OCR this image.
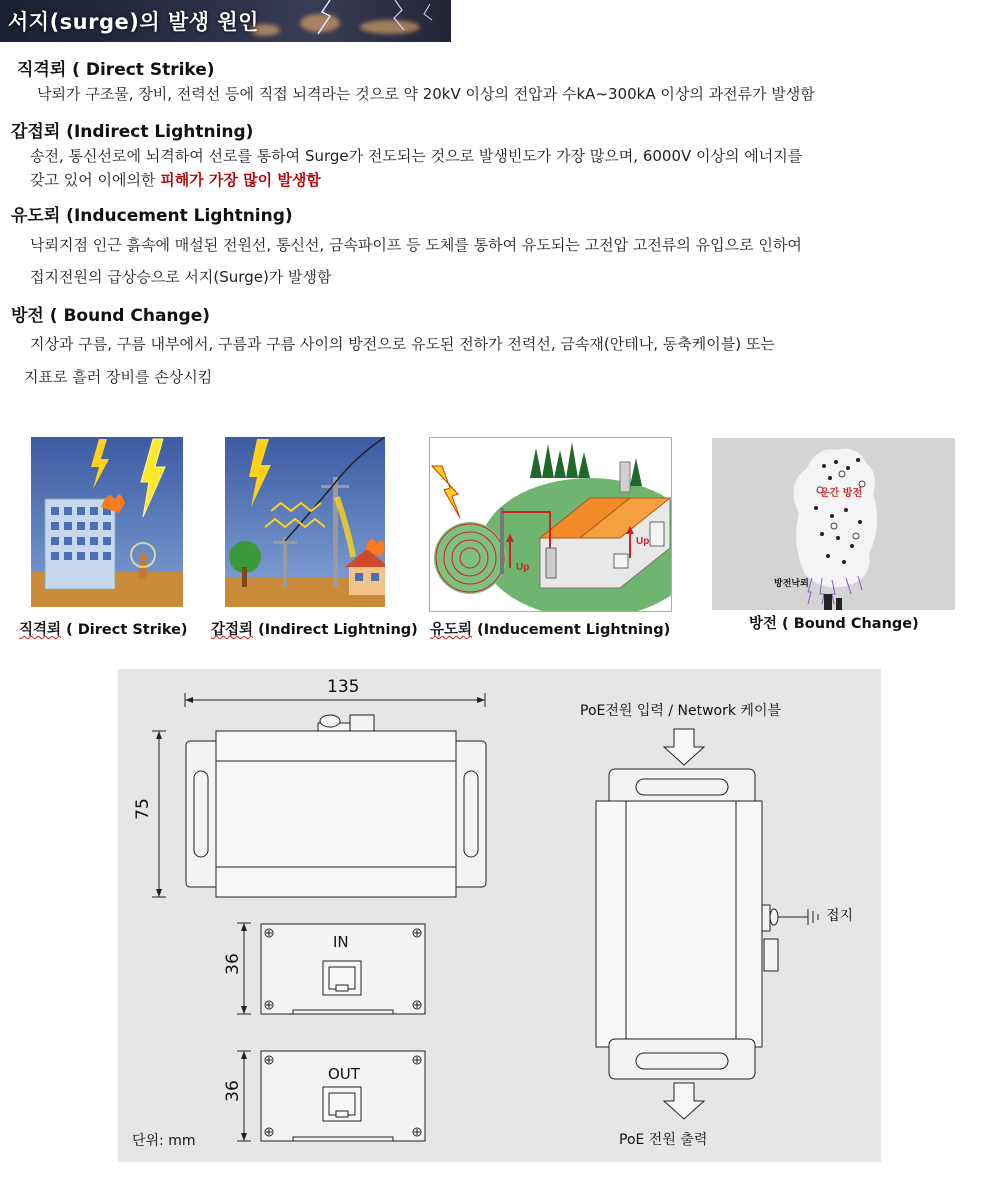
서지(surge)의 발생 원인
직격뢰 ( Direct Strike)
낙뢰가 구조물, 장비, 전력선 등에 직접 뇌격라는 것으로 약 20kV 이상의 전압과 수kA~300kA 이상의 과전류가 발생함
갑접뢰 (Indirect Lightning)
송전, 통신선로에 뇌격하여 선로를 통하여 Surge가 전도되는 것으로 발생빈도가 가장 많으며, 6000V 이상의 에너지를
갖고 있어 이에의한 피해가 가장 많이 발생함
유도뢰 (Inducement Lightning)
낙뢰지점 인근 흙속에 매설된 전원선, 통신선, 금속파이프 등 도체를 통하여 유도되는 고전압 고전류의 유입으로 인하여
접지전원의 급상승으로 서지(Surge)가 발생함
방전 ( Bound Change)
지상과 구름, 구름 내부에서, 구름과 구름 사이의 방전으로 유도된 전하가 전력선, 금속재(안테나, 동축케이블) 또는
지표로 흘러 장비를 손상시킴
직격뢰 ( Direct Strike) 갑접뢰 (Indirect Lightning)
Up
Up
유도뢰 (Inducement Lightning)
운간 방전
방전낙뢰
방전 ( Bound Change)
135
75
36
36
IN
OUT
단위: mm
PoE전원 입력 / Network 케이블
PoE 전원 출력
접지
